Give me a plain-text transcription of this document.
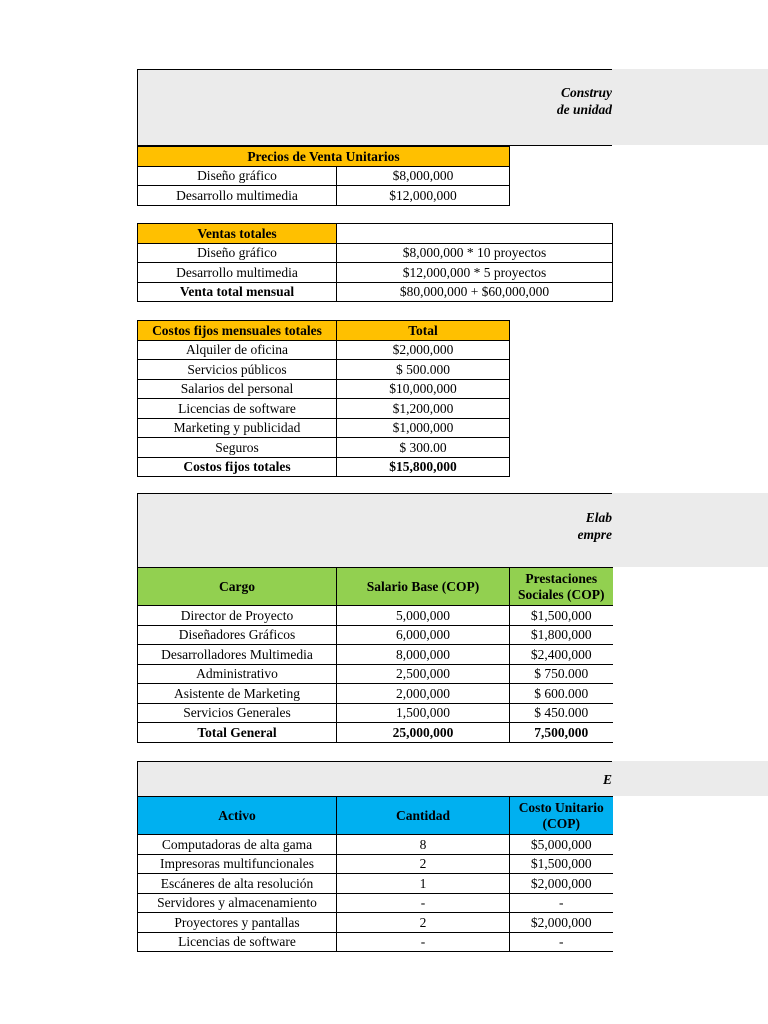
Construy
de unidad
Precios de Venta Unitarios	
Diseño gráfico	$8,000,000
Desarrollo multimedia	$12,000,000
Ventas totales	
Diseño gráfico	$8,000,000 * 10 proyectos
Desarrollo multimedia	$12,000,000 * 5 proyectos
Venta total mensual	$80,000,000 + $60,000,000
Costos fijos mensuales totales	Total
Alquiler de oficina	$2,000,000
Servicios públicos	$ 500.000
Salarios del personal	$10,000,000
Licencias de software	$1,200,000
Marketing y publicidad	$1,000,000
Seguros	$ 300.00
Costos fijos totales	$15,800,000
Elab
empre
Cargo	Salario Base (COP)	Prestaciones
Sociales (COP)

Director de Proyecto	5,000,000	$1,500,000
Diseñadores Gráficos	6,000,000	$1,800,000
Desarrolladores Multimedia	8,000,000	$2,400,000
Administrativo	2,500,000	$ 750.000
Asistente de Marketing	2,000,000	$ 600.000
Servicios Generales	1,500,000	$ 450.000
Total General	25,000,000	7,500,000
E
Activo	Cantidad	Costo Unitario
(COP)

Computadoras de alta gama	8	$5,000,000
Impresoras multifuncionales	2	$1,500,000
Escáneres de alta resolución	1	$2,000,000
Servidores y almacenamiento	-	-
Proyectores y pantallas	2	$2,000,000
Licencias de software	-	-
